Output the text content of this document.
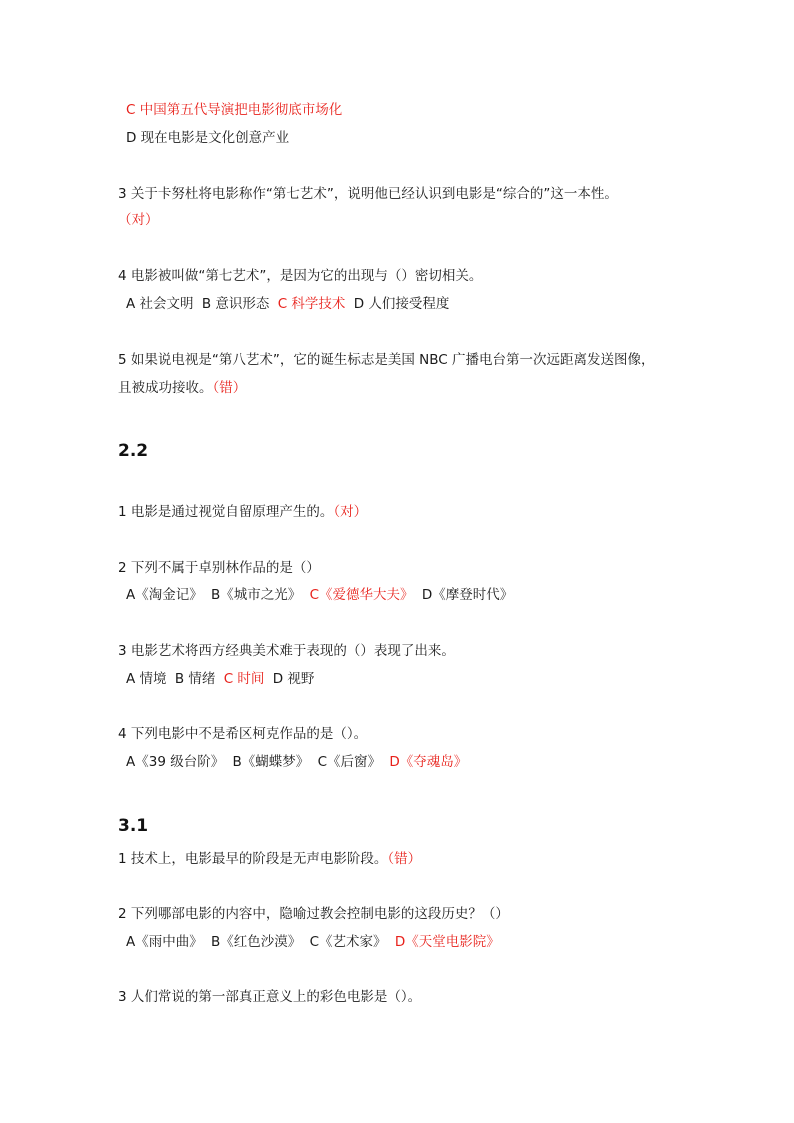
C 中国第五代导演把电影彻底市场化
D 现在电影是文化创意产业
3 关于卡努杜将电影称作“第七艺术”，说明他已经认识到电影是“综合的”这一本性。
（对）
4 电影被叫做“第七艺术”，是因为它的出现与（）密切相关。
A 社会文明 B 意识形态 C 科学技术 D 人们接受程度
5 如果说电视是“第八艺术”，它的诞生标志是美国 NBC 广播电台第一次远距离发送图像，
且被成功接收。（错）
2.2
1 电影是通过视觉自留原理产生的。（对）
2 下列不属于卓别林作品的是（）
A《淘金记》 B《城市之光》 C《爱德华大夫》 D《摩登时代》
3 电影艺术将西方经典美术难于表现的（）表现了出来。
A 情境 B 情绪 C 时间 D 视野
4 下列电影中不是希区柯克作品的是（）。
A《39 级台阶》 B《蝴蝶梦》 C《后窗》 D《夺魂岛》
3.1
1 技术上，电影最早的阶段是无声电影阶段。（错）
2 下列哪部电影的内容中，隐喻过教会控制电影的这段历史？（）
A《雨中曲》 B《红色沙漠》 C《艺术家》 D《天堂电影院》
3 人们常说的第一部真正意义上的彩色电影是（）。
